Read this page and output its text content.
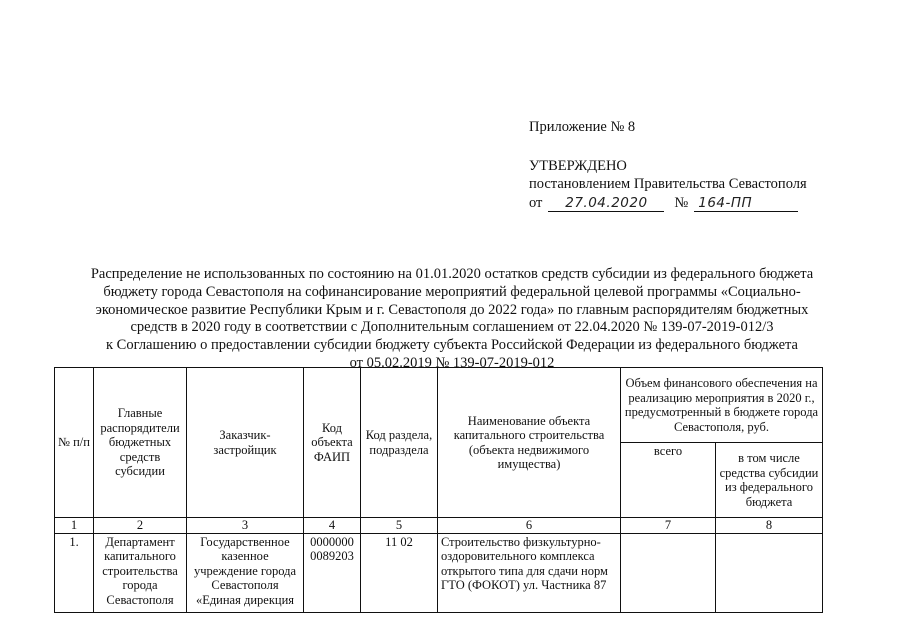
Приложение № 8
УТВЕРЖДЕНО
постановлением Правительства Севастополя
от	27.04.2020	№ 164-ПП
Распределение не использованных по состоянию на 01.01.2020 остатков средств субсидии из федерального бюджета
бюджету города Севастополя на софинансирование мероприятий федеральной целевой программы «Социально-
экономическое развитие Республики Крым и г. Севастополя до 2022 года» по главным распорядителям бюджетных
средств в 2020 году в соответствии с Дополнительным соглашением от 22.04.2020 № 139-07-2019-012/3
к Соглашению о предоставлении субсидии бюджету субъекта Российской Федерации из федерального бюджета
от 05.02.2019 № 139-07-2019-012
№ п/п	Главные распорядители бюджетных средств субсидии	Заказчик-застройщик	Код объекта ФАИП	Код раздела, подраздела	Наименование объекта капитального строительства (объекта недвижимого имущества)	Объем финансового обеспечения на реализацию мероприятия в 2020 г., предусмотренный в бюджете города Севастополя, руб.	
						всего	в том числе средства субсидии из федерального бюджета
1	2	3	4	5	6	7	8
1.	Департамент капитального строительства города Севастополя	Государственное казенное учреждение города Севастополя «Единая дирекция	0000000 0089203	11 02	Строительство физкультурно-оздоровительного комплекса открытого типа для сдачи норм ГТО (ФОКОТ) ул. Частника 87		
